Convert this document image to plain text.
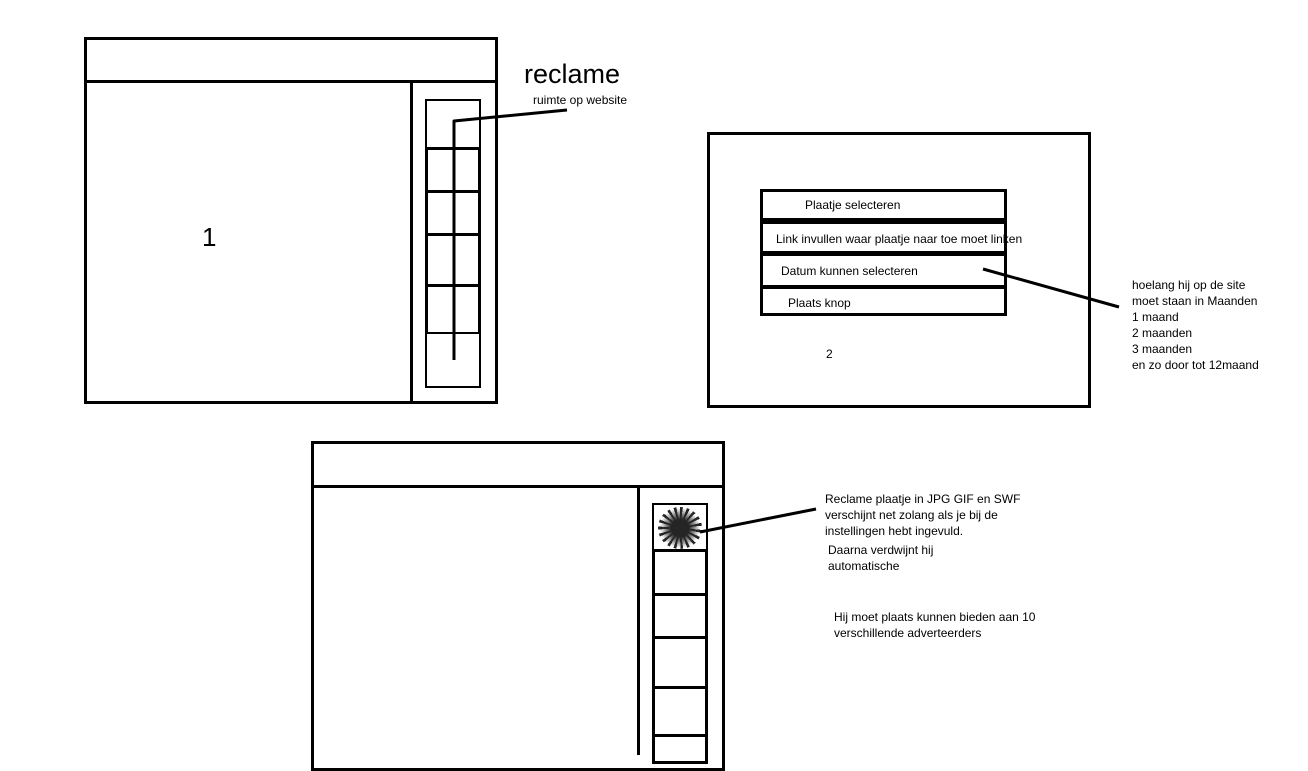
1
reclame
ruimte op website
Plaatje selecteren
Link invullen waar plaatje naar toe moet linken
Datum kunnen selecteren
Plaats knop
2
hoelang hij op de site
moet staan in Maanden
1 maand
2 maanden
3 maanden
en zo door tot 12maand
Reclame plaatje in JPG GIF en SWF
verschijnt net zolang als je bij de
instellingen hebt ingevuld.
Daarna verdwijnt hij
automatische
Hij moet plaats kunnen bieden aan 10
verschillende adverteerders
